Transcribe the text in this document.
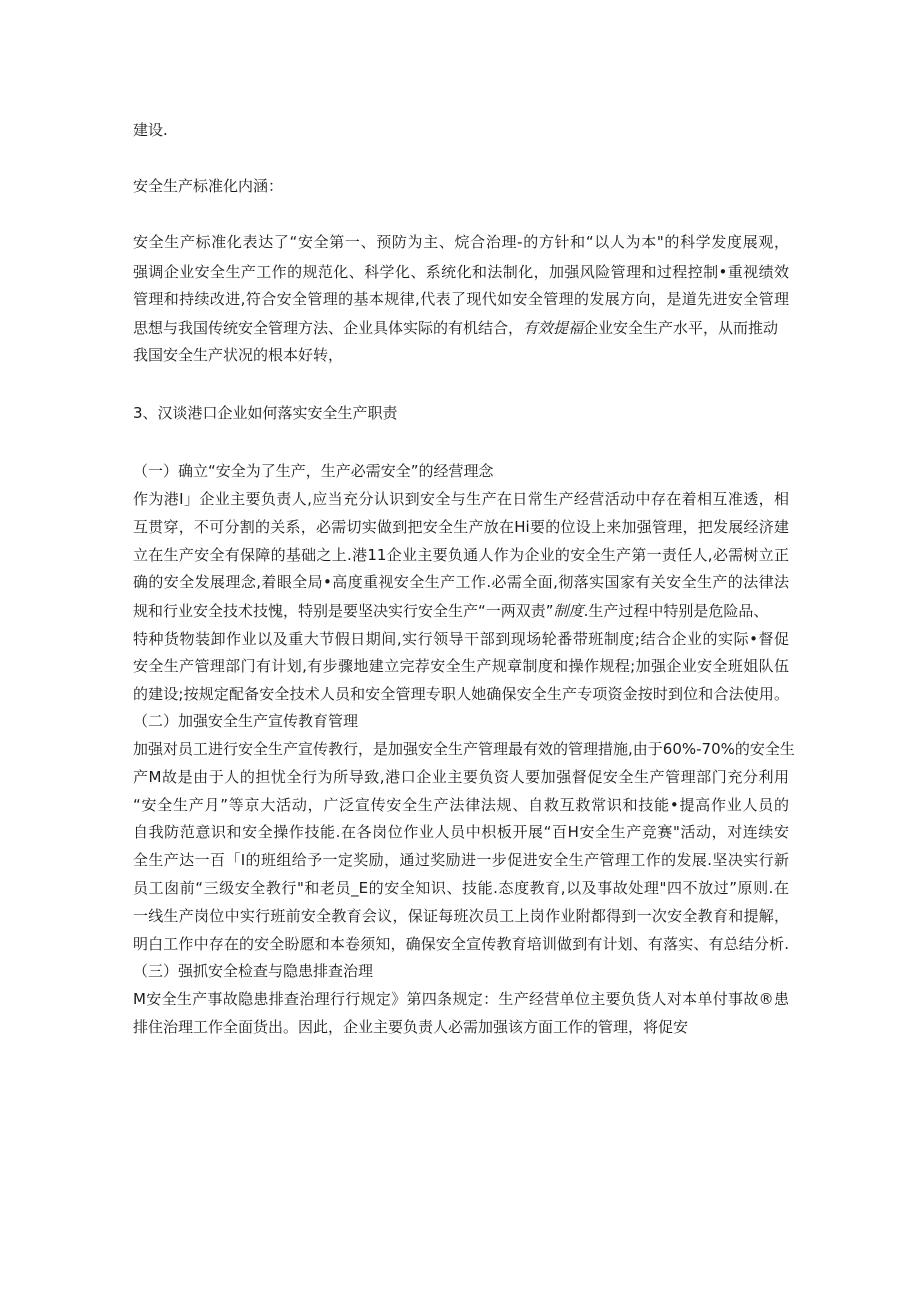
建设.
安全生产标准化内涵：
安全生产标准化表达了“安全第一、预防为主、烷合治理-的方针和“以人为本"的科学发度展观，
强调企业安全生产工作的规范化、科学化、系统化和法制化，加强风险管理和过程控制•重视绩效
管理和持续改进,符合安全管理的基本规律,代表了现代如安全管理的发展方向，是道先进安全管理
思想与我国传统安全管理方法、企业具体实际的有机结合，有效提福企业安全生产水平，从而推动
我国安全生产状况的根本好转，
3、汉谈港口企业如何落实安全生产职责
（一）确立“安全为了生产，生产必需安全”的经营理念
作为港I」企业主要负责人,应当充分认识到安全与生产在日常生产经营活动中存在着相互准透，相
互贯穿，不可分割的关系，必需切实做到把安全生产放在Hi要的位设上来加强管理，把发展经济建
立在生产安全有保障的基础之上.港11企业主要负通人作为企业的安全生产第一责任人,必需树立正
确的安全发展理念,着眼全局•高度重视安全生产工作.必需全面,彻落实国家有关安全生产的法律法
规和行业安全技术技愧，特别是要坚决实行安全生产“一两双责”制度.生产过程中特别是危险品、
特种货物装卸作业以及重大节假日期间,实行领导干部到现场轮番带班制度;结合企业的实际•督促
安全生产管理部门有计划,有步骤地建立完荐安全生产规章制度和操作规程;加强企业安全班姐队伍
的建设;按规定配备安全技术人员和安全管理专职人她确保安全生产专项资金按时到位和合法使用。
（二）加强安全生产宣传教育管理
加强对员工进行安全生产宣传教行，是加强安全生产管理最有效的管理措施,由于60%-70%的安全生
产M故是由于人的担忧全行为所导致,港口企业主要负资人要加强督促安全生产管理部门充分利用
“安全生产月”等京大活动，广泛宣传安全生产法律法规、自救互救常识和技能•提高作业人员的
自我防范意识和安全操作技能.在各岗位作业人员中枳板开展“百H安全生产竞赛"活动，对连续安
全生产达一百「I的班组给予一定奖励，通过奖励进一步促进安全生产管理工作的发展.坚决实行新
员工囱前“三级安全教行"和老员_E的安全知识、技能.态度教育,以及事故处理"四不放过”原则.在
一线生产岗位中实行班前安全教育会议，保证每班次员工上岗作业附都得到一次安全教育和提解，
明白工作中存在的安全盼愿和本卷须知，确保安全宣传教育培训做到有计划、有落实、有总结分析.
（三）强抓安全检查与隐患排查治理
M安全生产事故隐患排查治理行行规定》第四条规定：生产经营单位主要负货人对本单付事故®患
排住治理工作全面货出。因此，企业主要负责人必需加强该方面工作的管理，将促安
